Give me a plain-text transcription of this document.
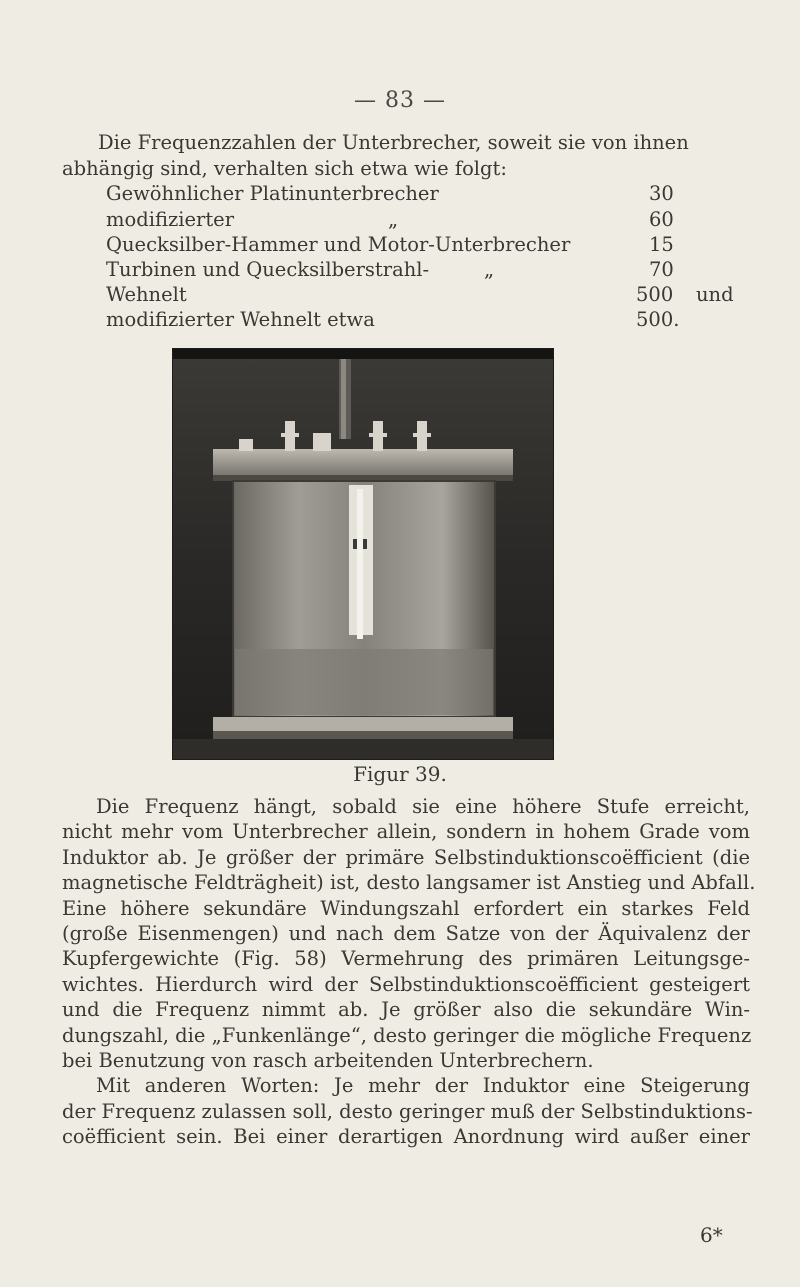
— 83 —
Die Frequenzzahlen der Unterbrecher, soweit sie von ihnen
abhängig sind, verhalten sich etwa wie folgt:
Gewöhnlicher Platinunterbrecher	30
modifizierter	„	60
Quecksilber-Hammer und Motor-Unterbrecher	15
Turbinen und Quecksilberstrahl-	„	70
Wehnelt	500 und
modifizierter Wehnelt etwa	500.
Figur 39.
Die Frequenz hängt, sobald sie eine höhere Stufe erreicht,
nicht mehr vom Unterbrecher allein, sondern in hohem Grade vom
Induktor ab. Je größer der primäre Selbstinduktionscoëfficient (die
magnetische Feldträgheit) ist, desto langsamer ist Anstieg und Abfall.
Eine höhere sekundäre Windungszahl erfordert ein starkes Feld
(große Eisenmengen) und nach dem Satze von der Äquivalenz der
Kupfergewichte (Fig. 58) Vermehrung des primären Leitungsge-
wichtes. Hierdurch wird der Selbstinduktionscoëfficient gesteigert
und die Frequenz nimmt ab. Je größer also die sekundäre Win-
dungszahl, die „Funkenlänge“, desto geringer die mögliche Frequenz
bei Benutzung von rasch arbeitenden Unterbrechern.
Mit anderen Worten: Je mehr der Induktor eine Steigerung
der Frequenz zulassen soll, desto geringer muß der Selbstinduktions-
coëfficient sein. Bei einer derartigen Anordnung wird außer einer
6*
